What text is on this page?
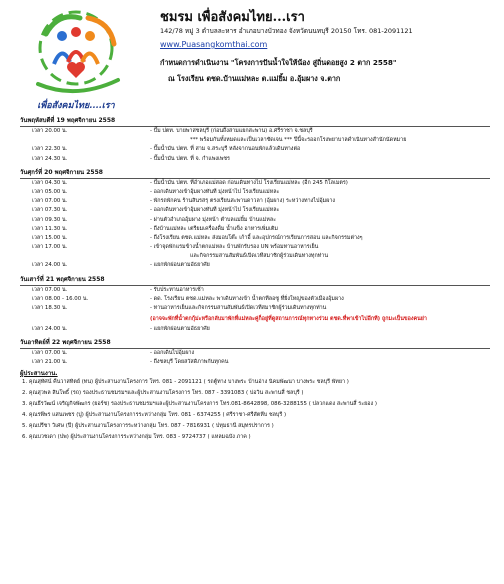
เพื่อสังคมไทย....เรา
ชมรม เพื่อสังคมไทย...เรา
142/78 หมู่ 3 ตำบลละหาร อำเภอบางบัวทอง จังหวัดนนทบุรี 20150 โทร. 081-2091121
www.Puasangkomthai.com
กำหนดการดำเนินงาน "โครงการปันน้ำใจให้น้อง สู่ถิ่นดอยสูง 2 ตาก 2558"
ณ โรงเรียน ตชด.บ้านแม่หละ ต.แม่ยิ้ม อ.อุ้มผาง จ.ตาก
วันพฤหัสบดีที่ 19 พฤศจิกายน 2558
เวลา 20.00 น.	- ปั๊ม ปตท. บายพาสชลบุรี (ก่อนถึงสามแยกสะพาน) อ.ศรีราชา จ.ชลบุรี
*** พร้อมกันทั้งหมดและเป็นเวลาชัดเจน *** ปีนี้จะรออกโรงพยาบาลดำเนินทางสำนักนัดหมาย
เวลา 22.30 น.	- ปั๊มน้ำมัน ปตท. ที่ สาม จ.สระบุรี หลังจากนอนพักแล้วเดินทางต่อ
เวลา 24.30 น.	- ปั๊มน้ำมัน ปตท. ที่ จ. กำแพงเพชร
วันศุกร์ที่ 20 พฤศจิกายน 2558
เวลา 04.30 น.	- ปั๊มน้ำมัน ปตท. ที่อำเภอแม่สอด ก่อนเดินทางไป โรงเรียนแม่หละ (อีก 245 กิโลเมตร)
เวลา 05.00 น.	- ออกเดินทางเข้าอุ้มผางทันที มุ่งหน้าไป โรงเรียนแม่หละ
เวลา 07.00 น.	- พักรถพักคน ร้านสินรสรุ ตรงเรียนสะพานดาวลา (อุ้มผาง) ระหว่างทางไปอุ้มผาง
เวลา 07.30 น.	- ออกเดินทางเข้าอุ้มผางทันที มุ่งหน้าไป โรงเรียนแม่หละ
เวลา 09.30 น.	- ผ่านตัวอำเภออุ้มผาง มุ่งหน้า ตำบลแม่ยิ้ม บ้านแม่หละ
เวลา 11.30 น.	- ถึงบ้านแม่หละ เตรียมเครื่องดื่ม น้ำแข็ง อาหารเพิ่มเติม
เวลา 15.00 น.	- ถึงโรงเรียน ตชด.แม่หละ ส่งมอบโต๊ะ เก้าอี้ และอุปกรณ์การเรียนการสอน และกิจกรรมต่างๆ
เวลา 17.00 น.	- เข้าจุดพักแรมข้างน้ำตกแม่หละ บ้านพักรับรอง UN พร้อมทานอาหารเย็น
และกิจกรรมสานสัมพันธ์เปิดเวทีสมาชิกผู้ร่วมเดินทางทุกท่าน
เวลา 24.00 น.	- แยกพักผ่อนตามอัธยาศัย
วันเสาร์ที่ 21 พฤศจิกายน 2558
เวลา 07.00 น.	- รับประทานอาหารเช้า
เวลา 08.00 - 16.00 น.	- ดด. โรงเรียน ตชด.แม่หละ พาเดินทางเข้า น้ำตกทีลอซู ที่ยิ่งใหญ่ของตัวเมืองอุ้มผาง
เวลา 18.30 น.	- ทานอาหารเย็นและกิจกรรมสานสัมพันธ์เปิดเวทีสมาชิกผู้ร่วมเดินทางทุกท่าน
(อาจจะพักที่น้ำตกกุ้ม่ะหรือกลับมาพักที่แม่หละคู่ก็อยู่ที่ดูสถานการณ์ทุกทางร่วม ตชด.ที่พาเข้าไปอีกที) ถูกมะเป็นของคนย่า
เวลา 24.00 น.	- แยกพักผ่อนตามอัธยาศัย
วันอาทิตย์ที่ 22 พฤศจิกายน 2558
เวลา 07.00 น.	- ออกเดินไปอุ้มผาง
เวลา 21.00 น.	- ถึงชลบุรี โดยสวัสดิภาพกันทุกคน
ผู้ประสานงาน.
1. คุณสุทัศน์ คืนวาสทิตย์ (ทน) ผู้ประสานงานโครงการ โทร. 081 - 2091121 ( รถตู้ทาง บางพระ บ้านอ่าง นิคมพัฒนา บางพระ ชลบุรี พัทยา )
2. คุณสุวพล สินโพธิ์ (รถ) รองประธานชมรมฯและผู้ประสานงานโครงการ โทร. 087 - 3391083 ( บ่อวิน สะพานสี่ ชลบุรี )
3. คุณธีรวัฒน์ เจริญกิจพัฒกร (ยอร์ช) รองประธานชมรมฯและผู้ประสานงานโครงการ โทร.081-8642898, 086-3288155 ( ปลวกแดง สะพานสี่ ระยอง )
4. คุณรพีพร แสนเพชร (ปู) ผู้ประสานงานโครงการระหว่างกลุ่ม โทร. 081 - 6374255 ( ศรีราชา-ศรีสัตหีบ ชลบุรี )
5. คุณปรีชา วิเศษ (ปี) ผู้ประสานงานโครงการระหว่างกลุ่ม โทร. 087 - 7816931 ( ปทุมธานี สมุทรปราการ )
6. คุณบวชเดา (ปพ) ผู้ประสานงานโครงการระหว่างกลุ่ม โทร. 083 - 9724737 ( แหลมฉบัง ภาค )
